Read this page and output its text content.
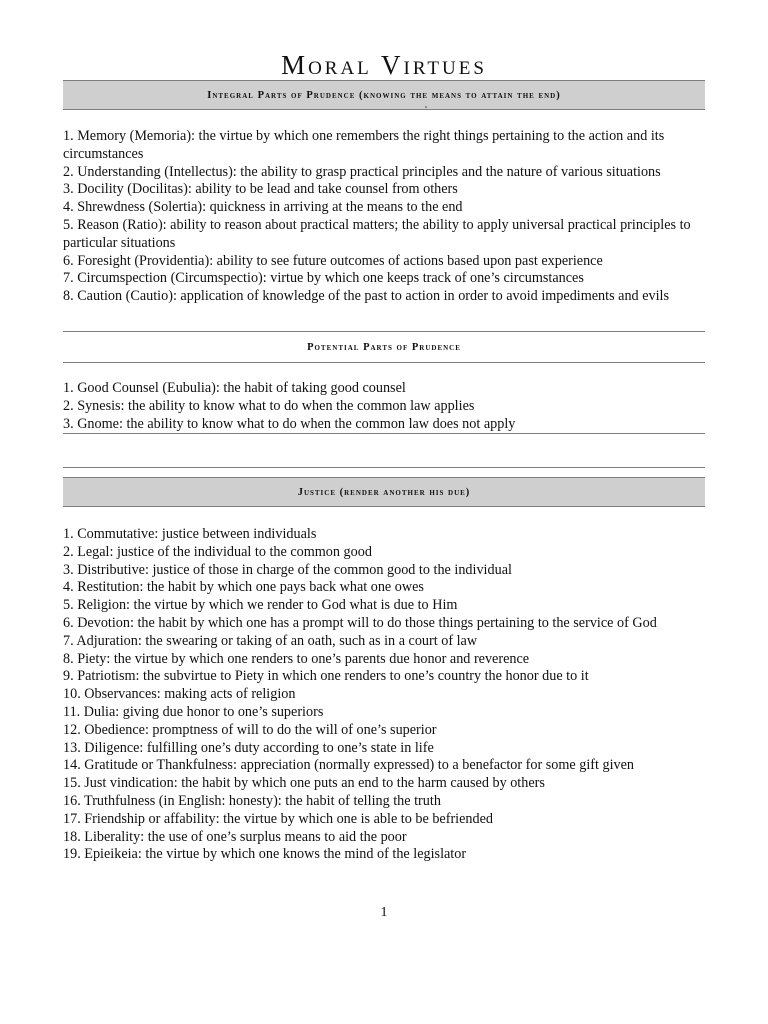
Moral Virtues
Integral Parts of Prudence (knowing the means to attain the end)
1. Memory (Memoria): the virtue by which one remembers the right things pertaining to the action and its circumstances
2. Understanding (Intellectus): the ability to grasp practical principles and the nature of various situations
3. Docility (Docilitas): ability to be lead and take counsel from others
4. Shrewdness (Solertia): quickness in arriving at the means to the end
5. Reason (Ratio): ability to reason about practical matters; the ability to apply universal practical principles to particular situations
6. Foresight (Providentia): ability to see future outcomes of actions based upon past experience
7. Circumspection (Circumspectio): virtue by which one keeps track of one’s circumstances
8. Caution (Cautio): application of knowledge of the past to action in order to avoid impediments and evils
Potential Parts of Prudence
1. Good Counsel (Eubulia): the habit of taking good counsel
2. Synesis: the ability to know what to do when the common law applies
3. Gnome: the ability to know what to do when the common law does not apply
Justice (render another his due)
1. Commutative: justice between individuals
2. Legal: justice of the individual to the common good
3. Distributive: justice of those in charge of the common good to the individual
4. Restitution: the habit by which one pays back what one owes
5. Religion: the virtue by which we render to God what is due to Him
6. Devotion: the habit by which one has a prompt will to do those things pertaining to the service of God
7. Adjuration: the swearing or taking of an oath, such as in a court of law
8. Piety: the virtue by which one renders to one’s parents due honor and reverence
9. Patriotism: the subvirtue to Piety in which one renders to one’s country the honor due to it
10. Observances: making acts of religion
11. Dulia: giving due honor to one’s superiors
12. Obedience: promptness of will to do the will of one’s superior
13. Diligence: fulfilling one’s duty according to one’s state in life
14. Gratitude or Thankfulness: appreciation (normally expressed) to a benefactor for some gift given
15. Just vindication: the habit by which one puts an end to the harm caused by others
16. Truthfulness (in English: honesty): the habit of telling the truth
17. Friendship or affability: the virtue by which one is able to be befriended
18. Liberality: the use of one’s surplus means to aid the poor
19. Epieikeia: the virtue by which one knows the mind of the legislator
1
